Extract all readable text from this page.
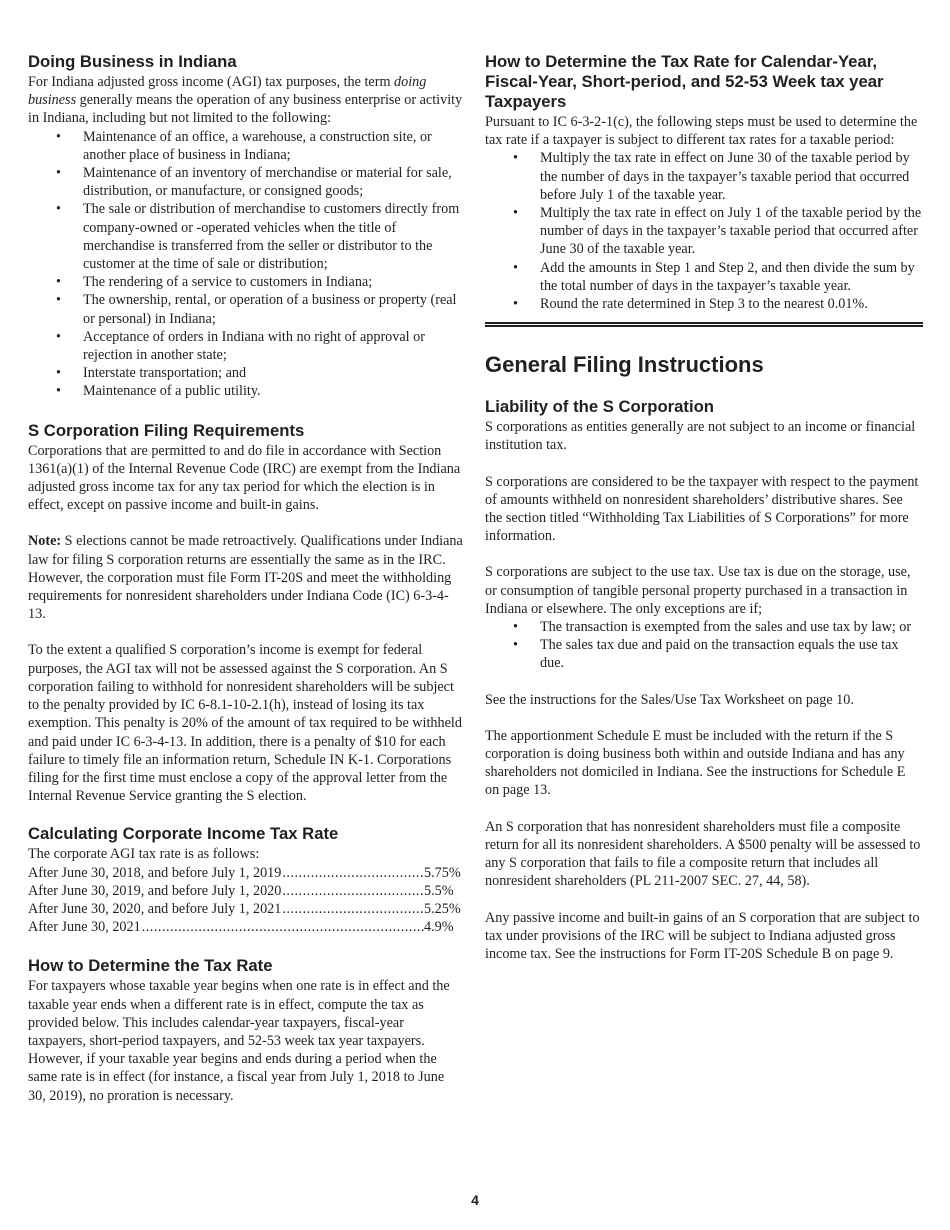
Doing Business in Indiana

For Indiana adjusted gross income (AGI) tax purposes, the term doing business generally means the operation of any business enterprise or activity in Indiana, including but not limited to the following:

• Maintenance of an office, a warehouse, a construction site, or another place of business in Indiana;
• Maintenance of an inventory of merchandise or material for sale, distribution, or manufacture, or consigned goods;
• The sale or distribution of merchandise to customers directly from company-owned or -operated vehicles when the title of merchandise is transferred from the seller or distributor to the customer at the time of sale or distribution;
• The rendering of a service to customers in Indiana;
• The ownership, rental, or operation of a business or property (real or personal) in Indiana;
• Acceptance of orders in Indiana with no right of approval or rejection in another state;
• Interstate transportation; and
• Maintenance of a public utility.
S Corporation Filing Requirements

Corporations that are permitted to and do file in accordance with Section 1361(a)(1) of the Internal Revenue Code (IRC) are exempt from the Indiana adjusted gross income tax for any tax period for which the election is in effect, except on passive income and built-in gains.

Note: S elections cannot be made retroactively. Qualifications under Indiana law for filing S corporation returns are essentially the same as in the IRC. However, the corporation must file Form IT-20S and meet the withholding requirements for nonresident shareholders under Indiana Code (IC) 6-3-4-13.

To the extent a qualified S corporation’s income is exempt for federal purposes, the AGI tax will not be assessed against the S corporation. An S corporation failing to withhold for nonresident shareholders will be subject to the penalty provided by IC 6-8.1-10-2.1(h), instead of losing its tax exemption. This penalty is 20% of the amount of tax required to be withheld and paid under IC 6-3-4-13. In addition, there is a penalty of $10 for each failure to timely file an information return, Schedule IN K-1. Corporations filing for the first time must enclose a copy of the approval letter from the Internal Revenue Service granting the S election.

Calculating Corporate Income Tax Rate

The corporate AGI tax rate is as follows:

After June 30, 2018, and before July 1, 2019 .....	5.75%
After June 30, 2019, and before July 1, 2020 .....	5.5%
After June 30, 2020, and before July 1, 2021 .....	5.25%
After June 30, 2021 .....	4.9%
How to Determine the Tax Rate

For taxpayers whose taxable year begins when one rate is in effect and the taxable year ends when a different rate is in effect, compute the tax as provided below. This includes calendar-year taxpayers, fiscal-year taxpayers, short-period taxpayers, and 52-53 week tax year taxpayers. However, if your taxable year begins and ends during a period when the same rate is in effect (for instance, a fiscal year from July 1, 2018 to June 30, 2019), no proration is necessary.

How to Determine the Tax Rate for Calendar-Year, Fiscal-Year, Short-period, and 52-53 Week tax year Taxpayers

Pursuant to IC 6-3-2-1(c), the following steps must be used to determine the tax rate if a taxpayer is subject to different tax rates for a taxable period:

• Multiply the tax rate in effect on June 30 of the taxable period by the number of days in the taxpayer’s taxable period that occurred before July 1 of the taxable year.
• Multiply the tax rate in effect on July 1 of the taxable period by the number of days in the taxpayer’s taxable period that occurred after June 30 of the taxable year.
• Add the amounts in Step 1 and Step 2, and then divide the sum by the total number of days in the taxpayer’s taxable year.
• Round the rate determined in Step 3 to the nearest 0.01%.
General Filing Instructions
Liability of the S Corporation

S corporations as entities generally are not subject to an income or financial institution tax.

S corporations are considered to be the taxpayer with respect to the payment of amounts withheld on nonresident shareholders’ distributive shares. See the section titled “Withholding Tax Liabilities of S Corporations” for more information.

S corporations are subject to the use tax. Use tax is due on the storage, use, or consumption of tangible personal property purchased in a transaction in Indiana or elsewhere. The only exceptions are if;

• The transaction is exempted from the sales and use tax by law; or
• The sales tax due and paid on the transaction equals the use tax due.

See the instructions for the Sales/Use Tax Worksheet on page 10.

The apportionment Schedule E must be included with the return if the S corporation is doing business both within and outside Indiana and has any shareholders not domiciled in Indiana. See the instructions for Schedule E on page 13.

An S corporation that has nonresident shareholders must file a composite return for all its nonresident shareholders. A $500 penalty will be assessed to any S corporation that fails to file a composite return that includes all nonresident shareholders (PL 211-2007 SEC. 27, 44, 58).

Any passive income and built-in gains of an S corporation that are subject to tax under provisions of the IRC will be subject to Indiana adjusted gross income tax. See the instructions for Form IT-20S Schedule B on page 9.

4
